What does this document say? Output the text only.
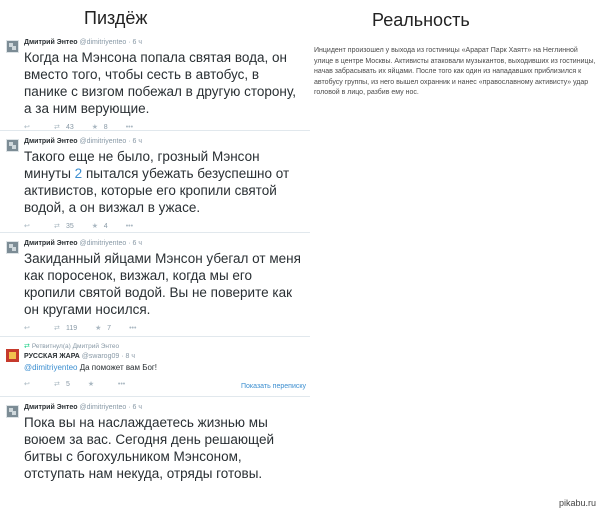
Пиздёж	Реальность
Дмитрий Энтео @dimitriyenteo · 6 ч
Когда на Мэнсона попала святая вода, он вместо того, чтобы сесть в автобус, в панике с визгом побежал в другую сторону, а за ним верующие.
↩	⇄ 43	★ 8	•••
Дмитрий Энтео @dimitriyenteo · 6 ч
Такого еще не было, грозный Мэнсон минуты 2 пытался убежать безуспешно от активистов, которые его кропили святой водой, а он визжал в ужасе.
↩	⇄ 35	★ 4	•••
Дмитрий Энтео @dimitriyenteo · 6 ч
Закиданный яйцами Мэнсон убегал от меня как поросенок, визжал, когда мы его кропили святой водой. Вы не поверите как он кругами носился.
↩	⇄ 119	★ 7	•••
⇄ Ретвитнул(а) Дмитрий Энтео
РУССКАЯ ЖАРА @swarog09 · 8 ч
@dimitriyenteo Да поможет вам Бог!
↩	⇄ 5	★	•••	Показать переписку
Дмитрий Энтео @dimitriyenteo · 6 ч
Пока вы на наслаждаетесь жизнью мы воюем за вас. Сегодня день решающей битвы с богохульником Мэнсоном, отступать нам некуда, отряды готовы.
Инцидент произошел у выхода из гостиницы «Арарат Парк Хаятт» на Неглинной улице в центре Москвы. Активисты атаковали музыкантов, выходивших из гостиницы, начав забрасывать их яйцами. После того как один из нападавших приблизился к автобусу группы, из него вышел охранник и нанес «православному активисту» удар головой в лицо, разбив ему нос.
pikabu.ru
